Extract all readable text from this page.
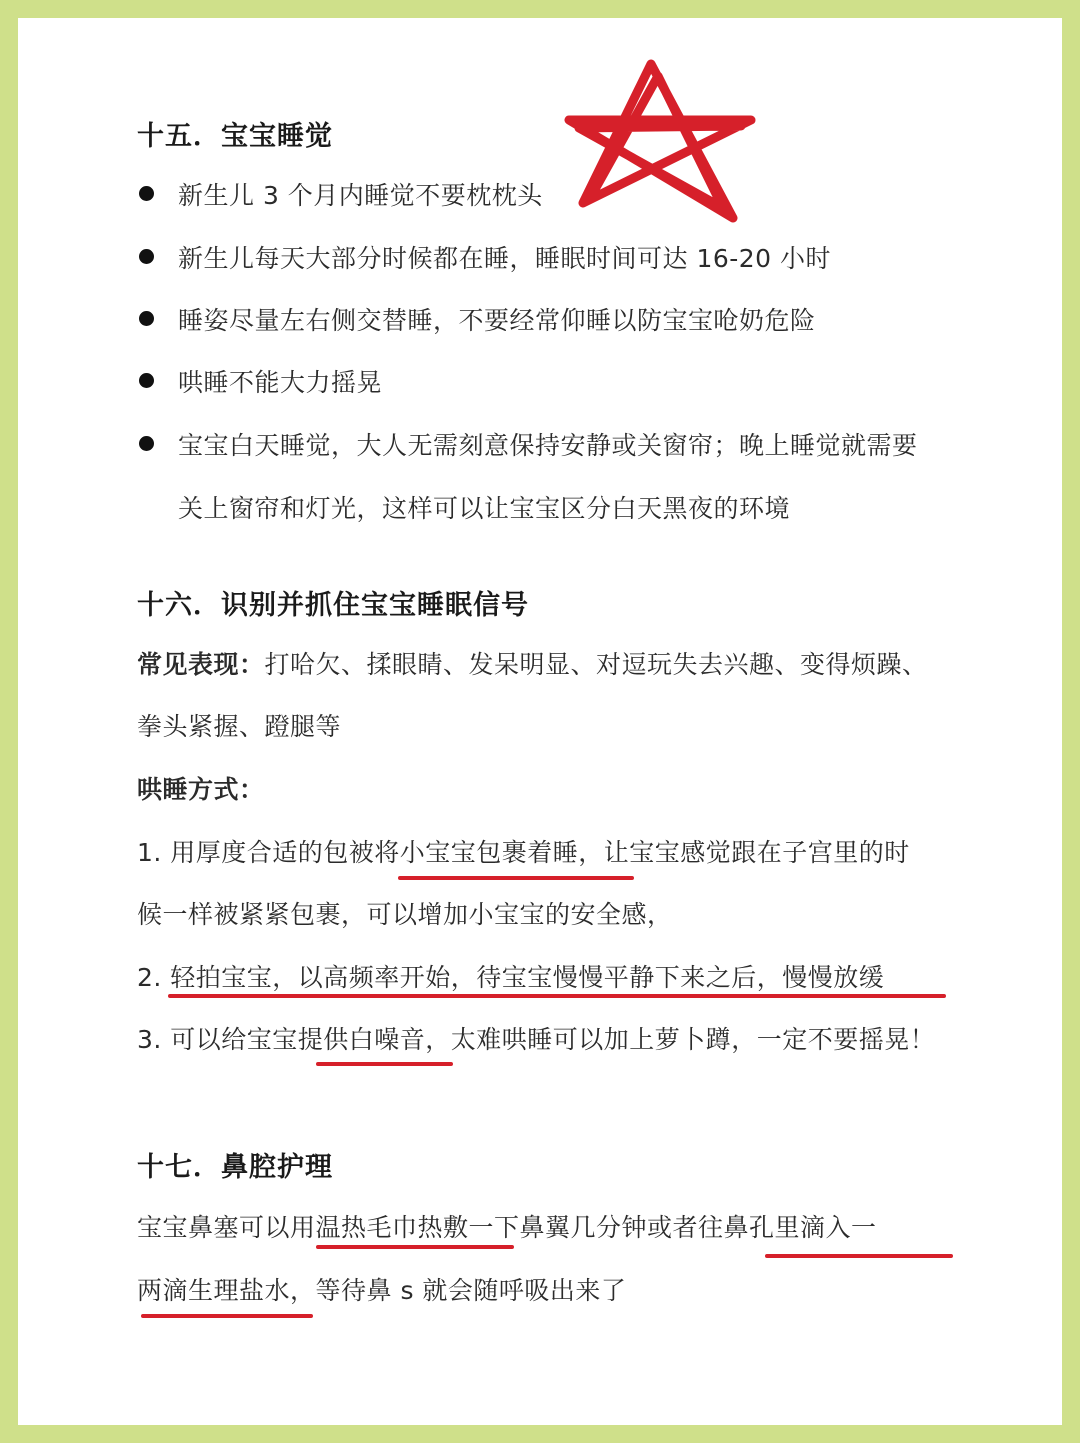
十五．宝宝睡觉
新生儿 3 个月内睡觉不要枕枕头
新生儿每天大部分时候都在睡，睡眠时间可达 16-20 小时
睡姿尽量左右侧交替睡，不要经常仰睡以防宝宝呛奶危险
哄睡不能大力摇晃
宝宝白天睡觉，大人无需刻意保持安静或关窗帘；晚上睡觉就需要
关上窗帘和灯光，这样可以让宝宝区分白天黑夜的环境
十六．识别并抓住宝宝睡眠信号
常见表现：打哈欠、揉眼睛、发呆明显、对逗玩失去兴趣、变得烦躁、
拳头紧握、蹬腿等
哄睡方式：
1. 用厚度合适的包被将小宝宝包裹着睡，让宝宝感觉跟在子宫里的时
候一样被紧紧包裹，可以增加小宝宝的安全感，
2. 轻拍宝宝，以高频率开始，待宝宝慢慢平静下来之后，慢慢放缓
3. 可以给宝宝提供白噪音，太难哄睡可以加上萝卜蹲，一定不要摇晃！
十七．鼻腔护理
宝宝鼻塞可以用温热毛巾热敷一下鼻翼几分钟或者往鼻孔里滴入一
两滴生理盐水，等待鼻 s 就会随呼吸出来了
